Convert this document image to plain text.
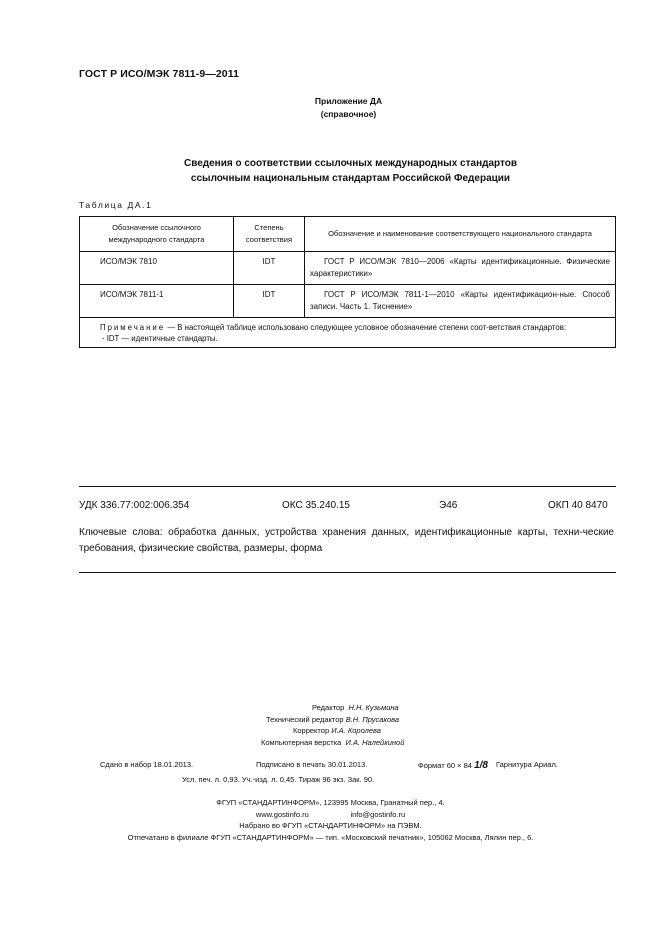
ГОСТ Р ИСО/МЭК 7811-9—2011
Приложение ДА
(справочное)
Сведения о соответствии ссылочных международных стандартов
ссылочным национальным стандартам Российской Федерации
Таблица ДА.1
Обозначение ссылочного международного стандарта	Степень соответствия	Обозначение и наименование соответствующего национального стандарта
ИСО/МЭК 7810	IDT	ГОСТ Р ИСО/МЭК 7810—2006 «Карты идентификационные. Физические характеристики»
ИСО/МЭК 7811-1	IDT	ГОСТ Р ИСО/МЭК 7811-1—2010 «Карты идентификацион-ные. Способ записи. Часть 1. Тиснение»
Примечание — В настоящей таблице использовано следующее условное обозначение степени соот-ветствия стандартов:
- IDT — идентичные стандарты.		
УДК 336.77:002:006.354	ОКС 35.240.15	Э46	ОКП 40 8470
Ключевые слова: обработка данных, устройства хранения данных, идентификационные карты, техни-ческие требования, физические свойства, размеры, форма
Редактор Н.Н. Кузьмина
Технический редактор В.Н. Прусакова
Корректор И.А. Королева
Компьютерная верстка И.А. Налейкиной
Сдано в набор 18.01.2013.	Подписано в печать 30.01.2013.	Формат 60 × 84 1/8 Гарнитура Ариал.
Усл. печ. л. 0,93. Уч.-изд. л. 0,45. Тираж 96 экз. Зак. 90.
ФГУП «СТАНДАРТИНФОРМ», 123995 Москва, Гранатный пер., 4.
www.gostinfo.ru                    info@gostinfo.ru
Набрано во ФГУП «СТАНДАРТИНФОРМ» на ПЭВМ.
Отпечатано в филиале ФГУП «СТАНДАРТИНФОРМ» — тип. «Московский печатник», 105062 Москва, Лялин пер., 6.
